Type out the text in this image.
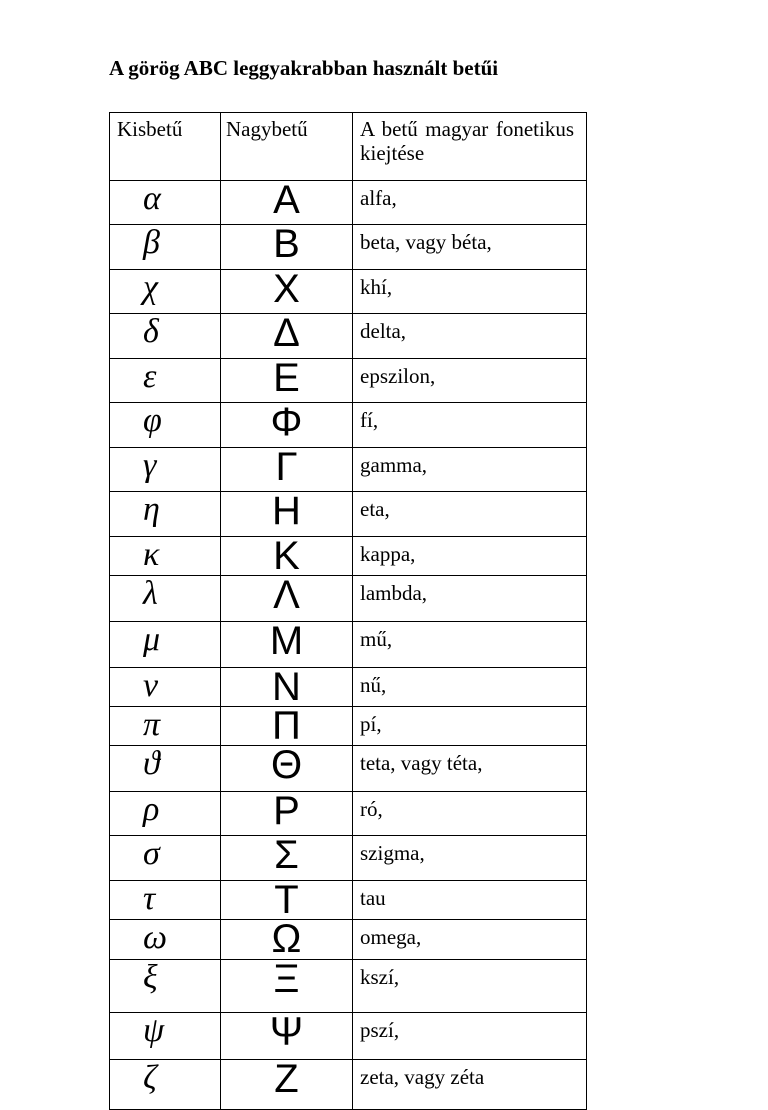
A görög ABC leggyakrabban használt betűi
Kisbetű	Nagybetű	A betű magyar fonetikus kiejtése
α	Α	alfa,
β	Β	beta, vagy béta,
χ	Χ	khí,
δ	Δ	delta,
ε	Ε	epszilon,
φ	Φ	fí,
γ	Γ	gamma,
η	Η	eta,
κ	Κ	kappa,
λ	Λ	lambda,
μ	Μ	mű,
ν	Ν	nű,
π	Π	pí,
ϑ	Θ	teta, vagy téta,
ρ	Ρ	ró,
σ	Σ	szigma,
τ	Τ	tau
ω	Ω	omega,
ξ	Ξ	kszí,
ψ	Ψ	pszí,
ζ	Ζ	zeta, vagy zéta
